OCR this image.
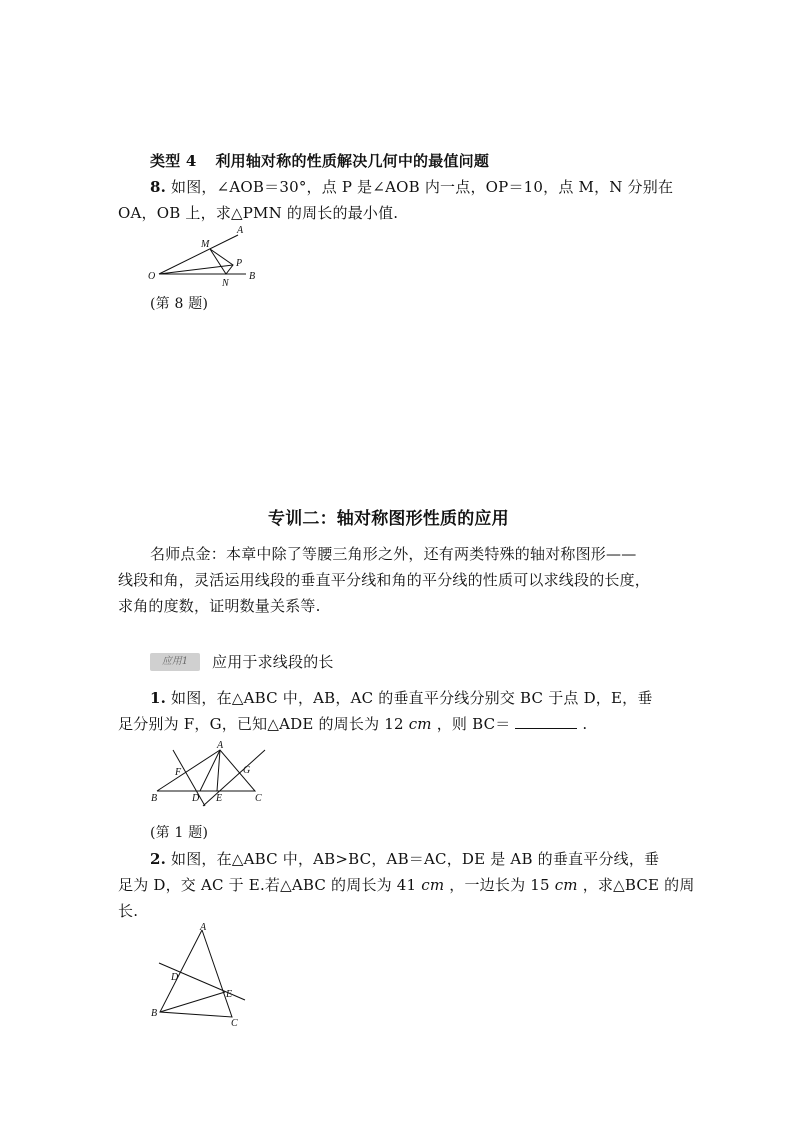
类型 4 利用轴对称的性质解决几何中的最值问题
8. 如图，∠AOB＝30°，点 P 是∠AOB 内一点，OP＝10，点 M，N 分别在
OA，OB 上，求△PMN 的周长的最小值.
O
A
B
M
N
P
(第 8 题)
专训二：轴对称图形性质的应用
名师点金：本章中除了等腰三角形之外，还有两类特殊的轴对称图形——
线段和角，灵活运用线段的垂直平分线和角的平分线的性质可以求线段的长度，
求角的度数，证明数量关系等.
应用1	应用于求线段的长
1. 如图，在△ABC 中，AB，AC 的垂直平分线分别交 BC 于点 D，E，垂
足分别为 F，G，已知△ADE 的周长为 12 cm ，则 BC＝	.
A
B	C
D E
F	G
(第 1 题)
2. 如图，在△ABC 中，AB>BC，AB＝AC，DE 是 AB 的垂直平分线，垂
足为 D，交 AC 于 E.若△ABC 的周长为 41 cm ，一边长为 15 cm ，求△BCE 的周
长.
A
B
C
D
E
